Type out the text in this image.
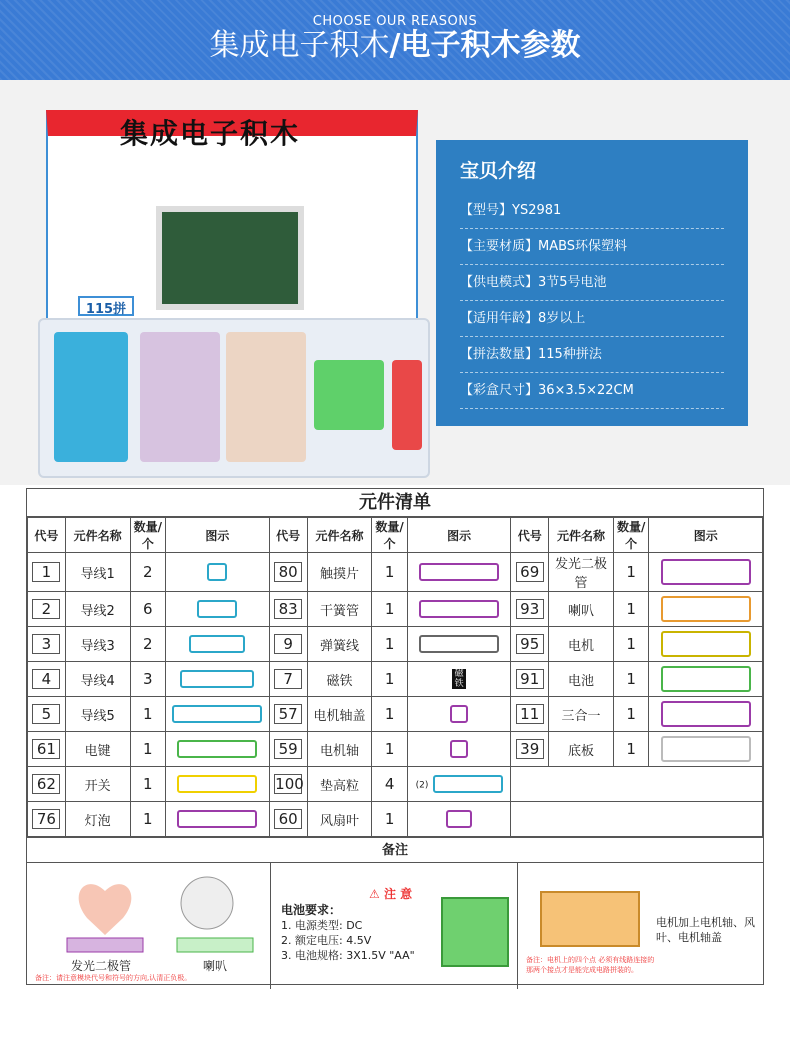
CHOOSE OUR REASONS
集成电子积木/电子积木参数
集成电子积木
115拼
宝贝介绍
【型号】YS2981
【主要材质】MABS环保塑料
【供电模式】3节5号电池
【适用年龄】8岁以上
【拼法数量】115种拼法
【彩盒尺寸】36×3.5×22CM
元件清单
代号	元件名称	数量/个	图示	代号	元件名称	数量/个	图示	代号	元件名称	数量/个	图示
1	导线1	2		80	触摸片	1		69	发光二极管	1	
2	导线2	6		83	干簧管	1		93	喇叭	1	
3	导线3	2		9	弹簧线	1		95	电机	1	
4	导线4	3		7	磁铁	1	磁铁	91	电池	1	
5	导线5	1		57	电机轴盖	1		11	三合一	1	
61	电键	1		59	电机轴	1		39	底板	1	
62	开关	1		100	垫高粒	4	(2)				
76	灯泡	1		60	风扇叶	1					
备注
发光二极管	喇叭
备注：请注意模块代号和符号的方向,认清正负极。
⚠ 注 意
电池要求：
1. 电源类型: DC
2. 额定电压: 4.5V
3. 电池规格: 3X1.5V "AA"	备注：电机上的四个点 必须有线路连接的那两个接点才是能完成电路拼装的。
电机加上电机轴、风叶、电机轴盖
